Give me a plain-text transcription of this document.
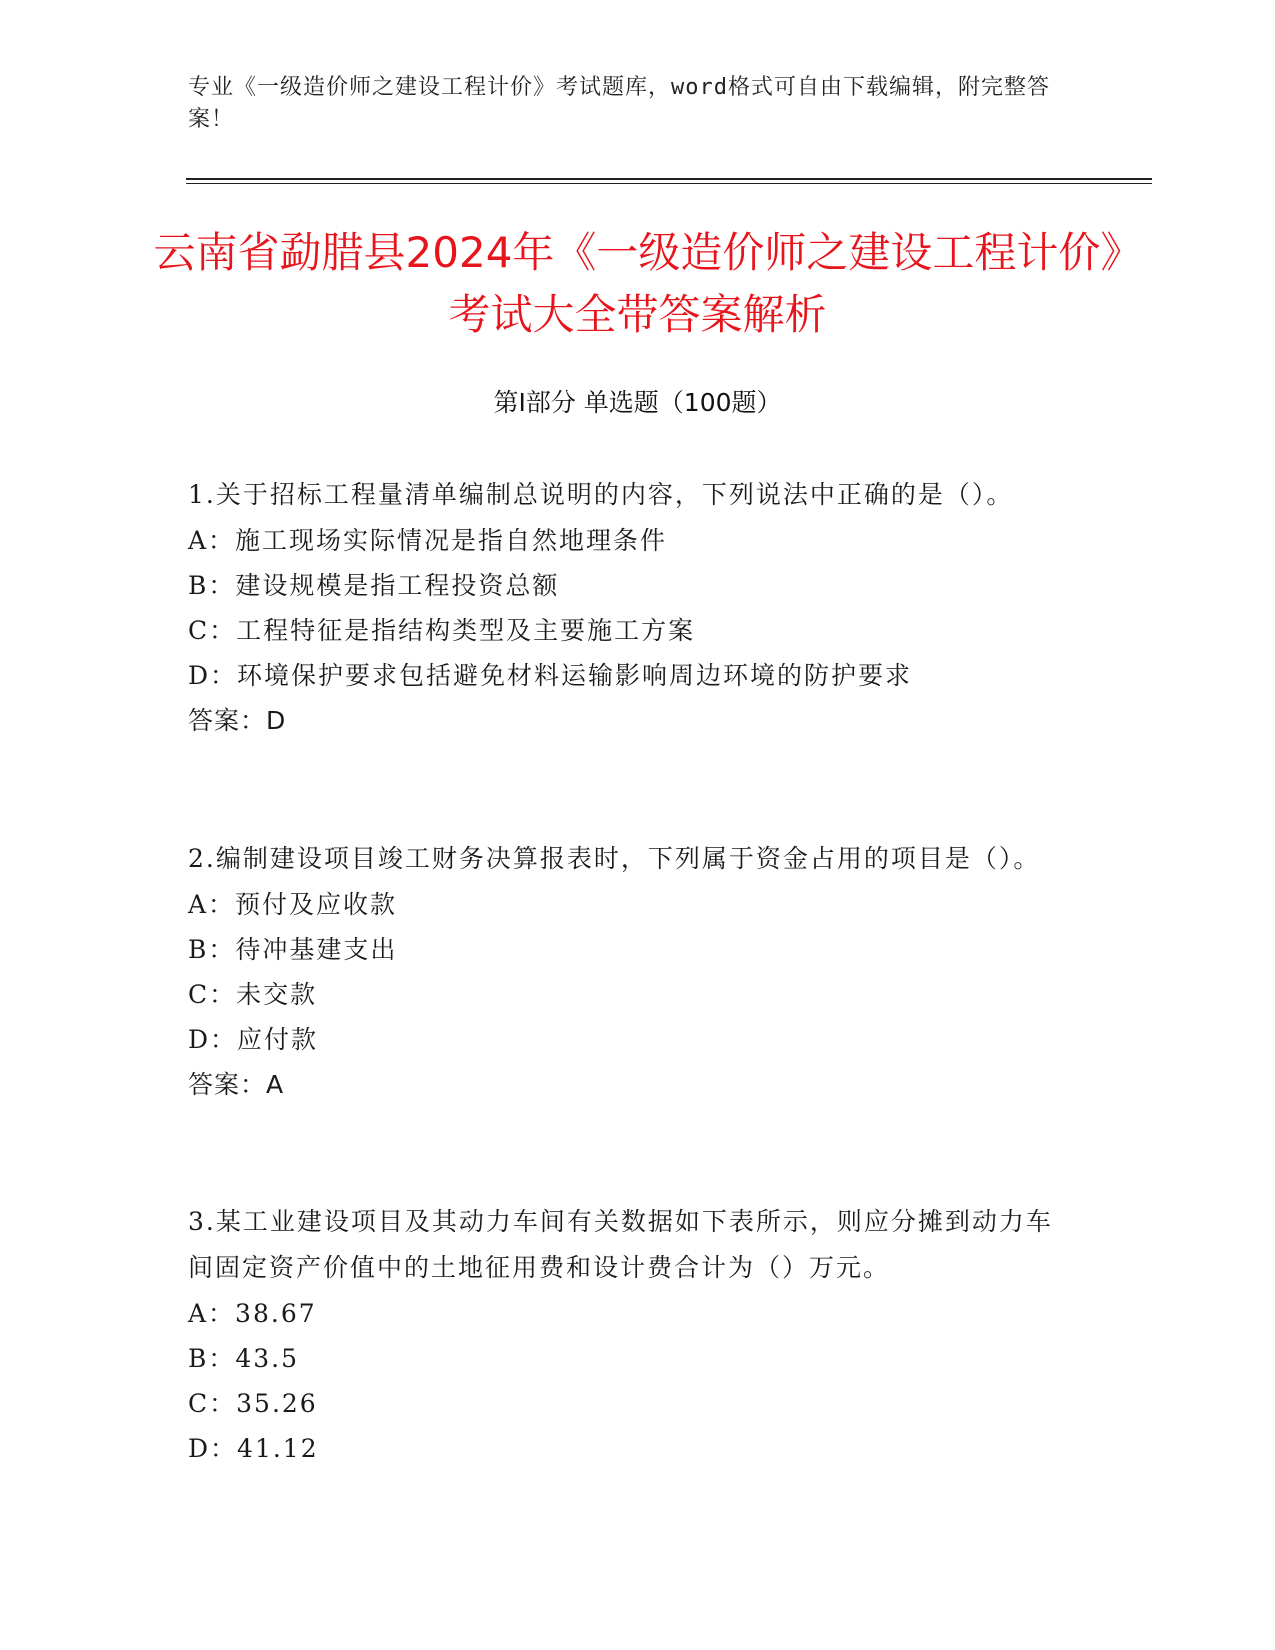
专业《一级造价师之建设工程计价》考试题库，word格式可自由下载编辑，附完整答案！
云南省勐腊县2024年《一级造价师之建设工程计价》考试大全带答案解析
第I部分 单选题（100题）
1.关于招标工程量清单编制总说明的内容，下列说法中正确的是（）。
A：施工现场实际情况是指自然地理条件
B：建设规模是指工程投资总额
C：工程特征是指结构类型及主要施工方案
D：环境保护要求包括避免材料运输影响周边环境的防护要求
答案：D
2.编制建设项目竣工财务决算报表时，下列属于资金占用的项目是（）。
A：预付及应收款
B：待冲基建支出
C：未交款
D：应付款
答案：A
3.某工业建设项目及其动力车间有关数据如下表所示，则应分摊到动力车间固定资产价值中的土地征用费和设计费合计为（）万元。
A：38.67
B：43.5
C：35.26
D：41.12
